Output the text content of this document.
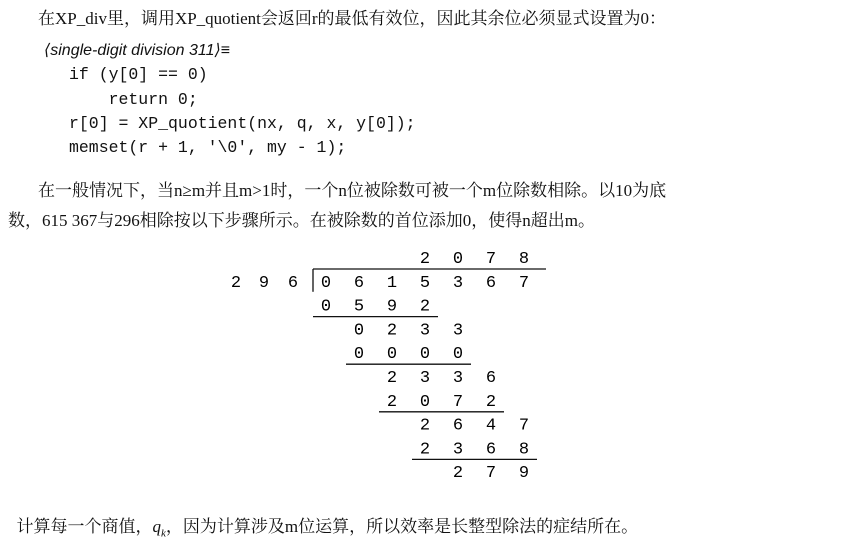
在XP_div里，调用XP_quotient会返回r的最低有效位，因此其余位必须显式设置为0：
⟨single-digit division 311⟩≡
if (y[0] == 0)
return 0;
r[0] = XP_quotient(nx, q, x, y[0]);
memset(r + 1, '\0', my - 1);
在一般情况下，当n≥m并且m>1时，一个n位被除数可被一个m位除数相除。以10为底
数，615 367与296相除按以下步骤所示。在被除数的首位添加0，使得n超出m。
2 0 7 8
2 9 6 0 6 1 5 3 6 7
0 5 9 2
0 2 3 3
0 0 0 0
2 3 3 6
2 0 7 2
2 6 4 7
2 3 6 8
2 7 9

计算每一个商值，$q_k$，因为计算涉及m位运算，所以效率是长整型除法的症结所在。
